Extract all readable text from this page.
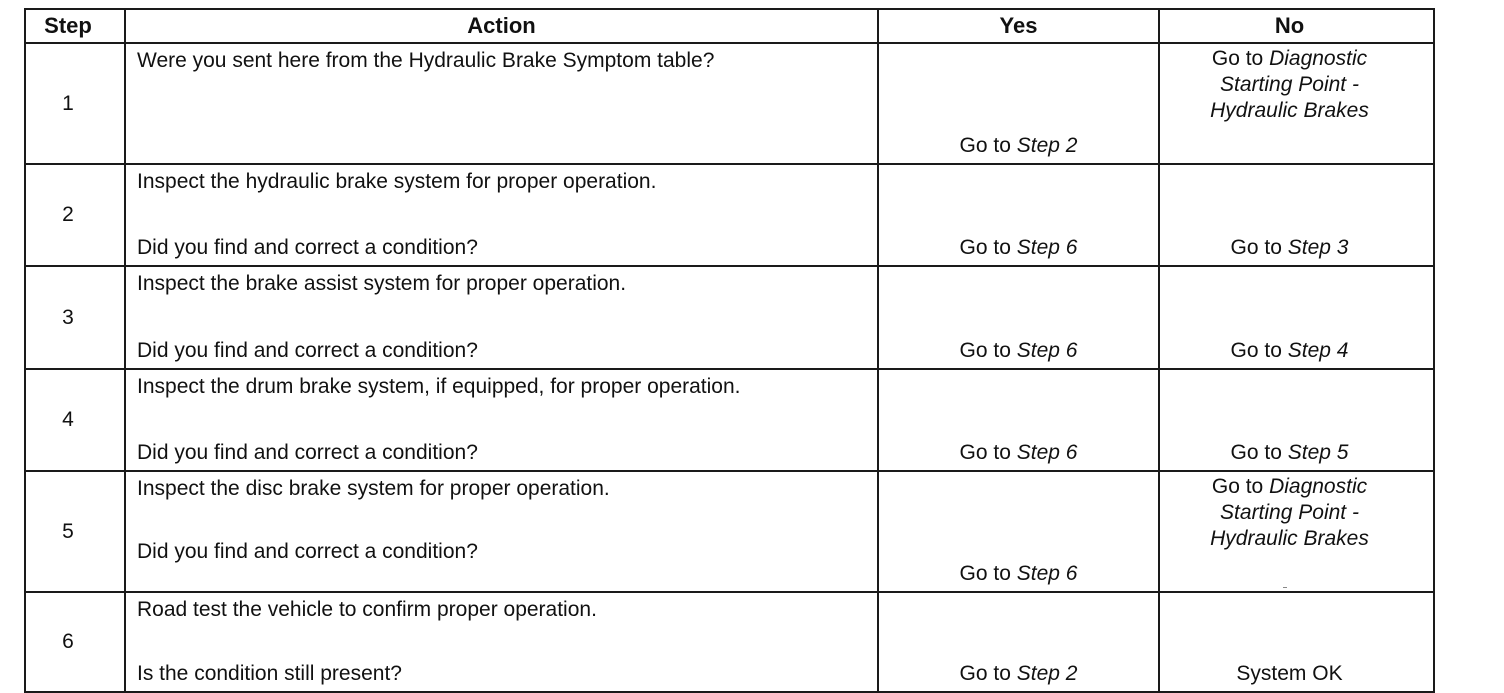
Step	Action	Yes	No
1	Were you sent here from the Hydraulic Brake Symptom table?	Go to Step 2	Go to Diagnostic
Starting Point -
Hydraulic Brakes

2	Inspect the hydraulic brake system for proper operation.
Did you find and correct a condition?	Go to Step 6	Go to Step 3
3	Inspect the brake assist system for proper operation.
Did you find and correct a condition?	Go to Step 6	Go to Step 4
4	Inspect the drum brake system, if equipped, for proper operation.
Did you find and correct a condition?	Go to Step 6	Go to Step 5
5	Inspect the disc brake system for proper operation.
Did you find and correct a condition?	Go to Step 6	Go to Diagnostic
Starting Point -
Hydraulic Brakes

6	Road test the vehicle to confirm proper operation.
Is the condition still present?	Go to Step 2	System OK
